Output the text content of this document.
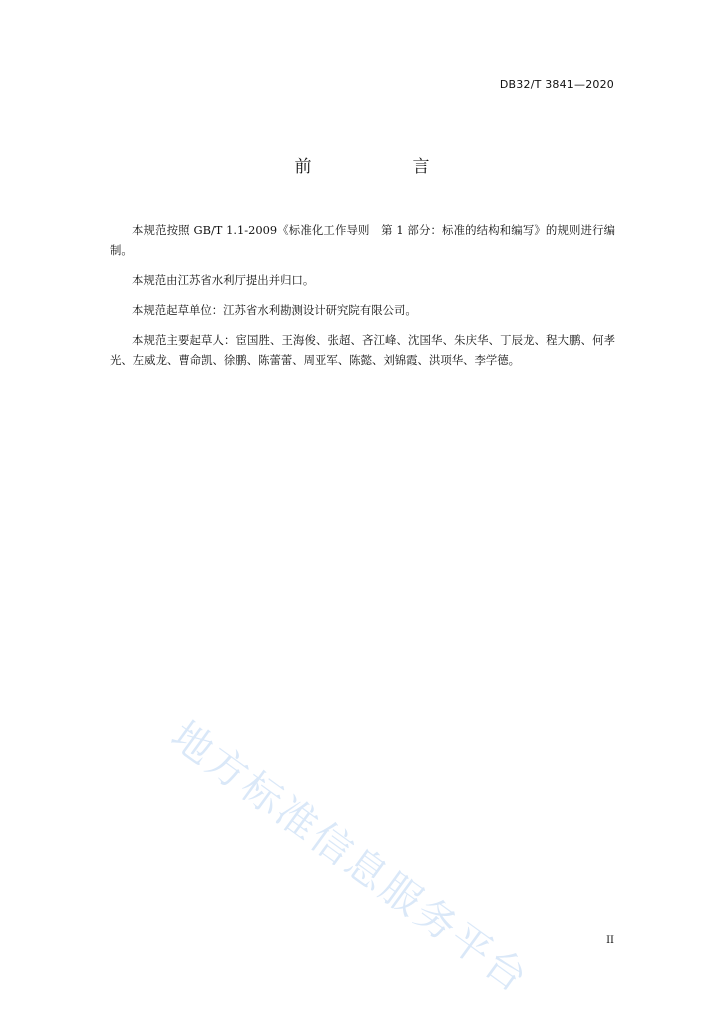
DB32/T 3841—2020
前　言

本规范按照 GB/T 1.1-2009《标准化工作导则　第 1 部分：标准的结构和编写》的规则进行编制。

本规范由江苏省水利厅提出并归口。

本规范起草单位：江苏省水利勘测设计研究院有限公司。

本规范主要起草人：宦国胜、王海俊、张超、吝江峰、沈国华、朱庆华、丁辰龙、程大鹏、何孝光、左威龙、曹命凯、徐鹏、陈蕾蕾、周亚军、陈懿、刘锦霞、洪项华、李学德。

地方标准信息服务平台	II
